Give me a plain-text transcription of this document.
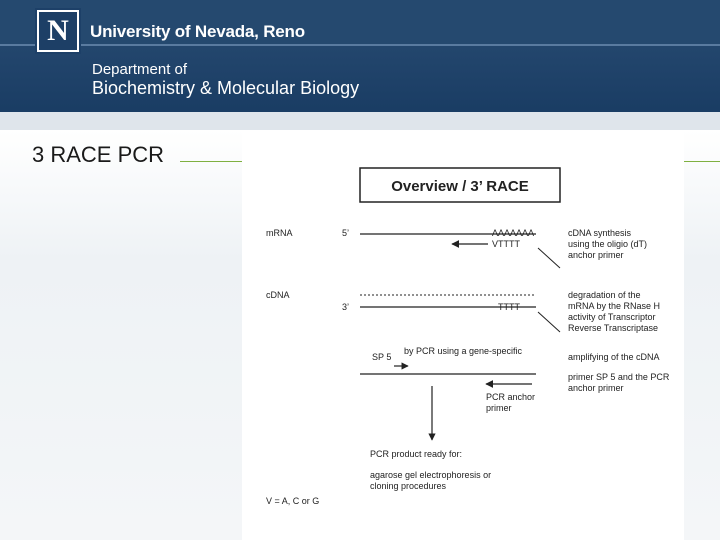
N	University of Nevada, Reno
Department of
Biochemistry & Molecular Biology
3 RACE PCR
Overview / 3’ RACE
mRNA	5’	AAAAAAA
VTTTT
cDNA synthesis
using the oligio (dT)
anchor primer
cDNA
3’	TTTT
degradation of the
mRNA by the RNase H
activity of Transcriptor
Reverse Transcriptase
SP 5
by PCR using a gene-specific
amplifying of the cDNA
primer SP 5 and the PCR
anchor primer
PCR anchor
primer
PCR product ready for:
agarose gel electrophoresis or
cloning procedures
V = A, C or G
